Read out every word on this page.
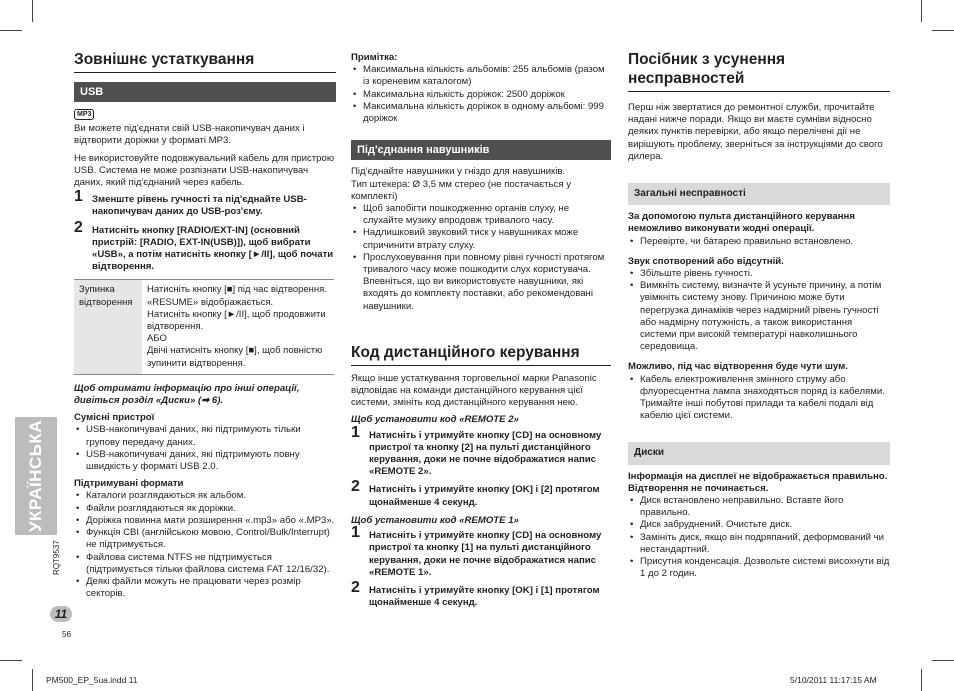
УКРАЇНСЬКА
RQT9537
11
56
Зовнішнє устаткування
USB
MP3

Ви можете під'єднати свій USB-накопичувач даних і відтворити доріжки у форматі MP3.

Не використовуйте подовжувальний кабель для пристрою USB. Система не може розпізнати USB-накопичувач даних, який під'єднаний через кабель.

1 Зменште рівень гучності та під'єднайте USB-накопичувач даних до USB-роз'єму.
2 Натисніть кнопку [RADIO/EXT-IN] (основний пристрій: [RADIO, EXT-IN(USB)]), щоб вибрати «USB», а потім натисніть кнопку [►/II], щоб почати відтворення.
Зупинка відтворення	
Натисніть кнопку [■] під час відтворення. «RESUME» відображається.
Натисніть кнопку [►/II], щоб продовжити відтворення.
АБО
Двічі натисніть кнопку [■], щоб повністю зупинити відтворення.

Щоб отримати інформацію про інші операції, дивіться розділ «Диски» (➡ 6).

Сумісні пристрої
• USB-накопичувачі даних, які підтримують тільки групову передачу даних.
• USB-накопичувачі даних, які підтримують повну швидкість у форматі USB 2.0.
Підтримувані формати
• Каталоги розглядаються як альбом.
• Файли розглядаються як доріжки.
• Доріжка повинна мати розширення «.mp3» або «.MP3».
• Функція CBI (англійською мовою, Control/Bulk/Interrupt) не підтримується.
• Файлова система NTFS не підтримується (підтримується тільки файлова система FAT 12/16/32).
• Деякі файли можуть не працювати через розмір секторів.
Примітка:
• Максимальна кількість альбомів: 255 альбомів (разом із кореневим каталогом)
• Максимальна кількість доріжок: 2500 доріжок
• Максимальна кількість доріжок в одному альбомі: 999 доріжок
Під'єднання навушників
Під'єднайте навушники у гніздо для навушників.
Тип штекера: Ø 3,5 мм стерео (не постачається у комплекті)
• Щоб запобігти пошкодженню органів слуху, не слухайте музику впродовж тривалого часу.
• Надлишковий звуковий тиск у навушниках може спричинити втрату слуху.
• Прослуховування при повному рівні гучності протягом тривалого часу може пошкодити слух користувача. Впевніться, що ви використовуєте навушники, які входять до комплекту поставки, або рекомендовані навушники.
Код дистанційного керування

Якщо інше устаткування торговельної марки Panasonic відповідає на команди дистанційного керування цієї системи, змініть код дистанційного керування нею.

Щоб установити код «REMOTE 2»
1 Натисніть і утримуйте кнопку [CD] на основному пристрої та кнопку [2] на пульті дистанційного керування, доки не почне відображатися напис «REMOTE 2».
2 Натисніть і утримуйте кнопку [OK] і [2] протягом щонайменше 4 секунд.
Щоб установити код «REMOTE 1»
1 Натисніть і утримуйте кнопку [CD] на основному пристрої та кнопку [1] на пульті дистанційного керування, доки не почне відображатися напис «REMOTE 1».
2 Натисніть і утримуйте кнопку [OK] і [1] протягом щонайменше 4 секунд.
Посібник з усунення несправностей

Перш ніж звертатися до ремонтної служби, прочитайте надані нижче поради. Якщо ви маєте сумніви відносно деяких пунктів перевірки, або якщо перелічені дії не вирішують проблему, зверніться за інструкціями до свого дилера.

Загальні несправності
За допомогою пульта дистанційного керування неможливо виконувати жодні операції.
• Перевірте, чи батарею правильно встановлено.
Звук спотворений або відсутній.
• Збільште рівень гучності.
• Вимкніть систему, визначте й усуньте причину, а потім увімкніть систему знову. Причиною може бути перегрузка динаміків через надмірний рівень гучності або надмірну потужність, а також використання системи при високій температурі навколишнього середовища.
Можливо, під час відтворення буде чути шум.
• Кабель електроживлення змінного струму або флуоресцентна лампа знаходяться поряд із кабелями. Тримайте інші побутові прилади та кабелі подалі від кабелю цієї системи.
Диски
Інформація на дисплеї не відображається правильно. Відтворення не починається.
• Диск встановлено неправильно. Вставте його правильно.
• Диск забруднений. Очистьте диск.
• Замініть диск, якщо він подряпаний, деформований чи нестандартний.
• Присутня конденсація. Дозвольте системі висохнути від 1 до 2 годин.
PM500_EP_5ua.indd 11	5/10/2011 11:17:15 AM
